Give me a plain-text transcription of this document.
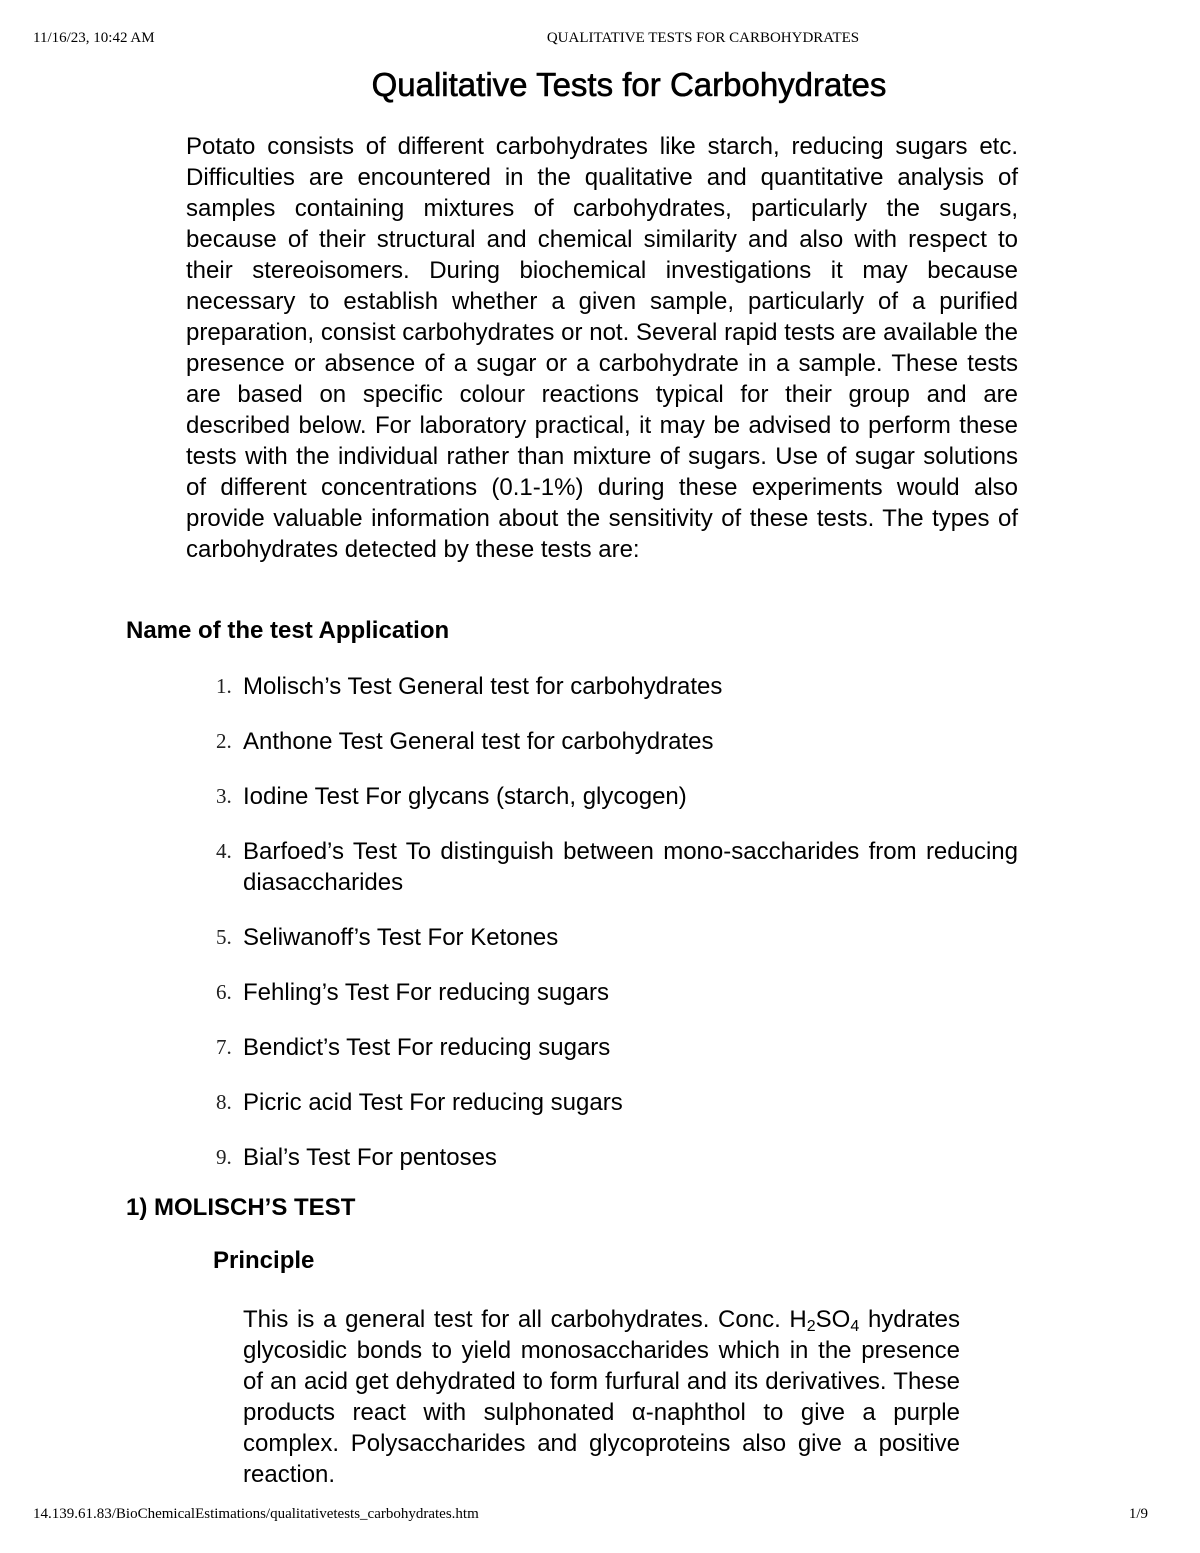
11/16/23, 10:42 AM	QUALITATIVE TESTS FOR CARBOHYDRATES
Qualitative Tests for Carbohydrates

Potato consists of different carbohydrates like starch, reducing sugars etc. Difficulties are encountered in the qualitative and quantitative analysis of samples containing mixtures of carbohydrates, particularly the sugars, because of their structural and chemical similarity and also with respect to their stereoisomers. During biochemical investigations it may because necessary to establish whether a given sample, particularly of a purified preparation, consist carbohydrates or not. Several rapid tests are available the presence or absence of a sugar or a carbohydrate in a sample. These tests are based on specific colour reactions typical for their group and are described below. For laboratory practical, it may be advised to perform these tests with the individual rather than mixture of sugars. Use of sugar solutions of different concentrations (0.1-1%) during these experiments would also provide valuable information about the sensitivity of these tests. The types of carbohydrates detected by these tests are:

Name of the test Application
1. Molisch’s Test General test for carbohydrates
2. Anthone Test General test for carbohydrates
3. Iodine Test For glycans (starch, glycogen)
4. Barfoed’s Test To distinguish between mono-saccharides from reducing diasaccharides
5. Seliwanoff’s Test For Ketones
6. Fehling’s Test For reducing sugars
7. Bendict’s Test For reducing sugars
8. Picric acid Test For reducing sugars
9. Bial’s Test For pentoses
1) MOLISCH’S TEST
Principle

This is a general test for all carbohydrates. Conc. $H_2SO_4$ hydrates glycosidic bonds to yield monosaccharides which in the presence of an acid get dehydrated to form furfural and its derivatives. These products react with sulphonated α-naphthol to give a purple complex. Polysaccharides and glycoproteins also give a positive reaction.

14.139.61.83/BioChemicalEstimations/qualitativetests_carbohydrates.htm	1/9
